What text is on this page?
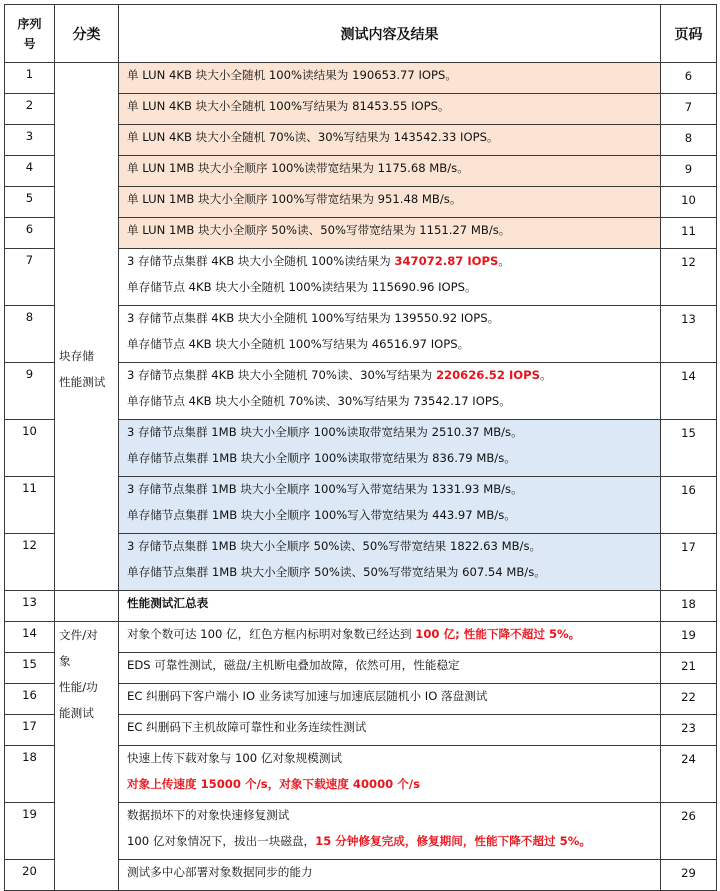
序列
号	分类	测试内容及结果	页码
1	块存储
性能测试	单 LUN 4KB 块大小全随机 100%读结果为 190653.77 IOPS。	6
2		单 LUN 4KB 块大小全随机 100%写结果为 81453.55 IOPS。	7
3		单 LUN 4KB 块大小全随机 70%读、30%写结果为 143542.33 IOPS。	8
4		单 LUN 1MB 块大小全顺序 100%读带宽结果为 1175.68 MB/s。	9
5		单 LUN 1MB 块大小全顺序 100%写带宽结果为 951.48 MB/s。	10
6		单 LUN 1MB 块大小全顺序 50%读、50%写带宽结果为 1151.27 MB/s。	11
7		3 存储节点集群 4KB 块大小全随机 100%读结果为 347072.87 IOPS。
单存储节点 4KB 块大小全随机 100%读结果为 115690.96 IOPS。	12
8		3 存储节点集群 4KB 块大小全随机 100%写结果为 139550.92 IOPS。
单存储节点 4KB 块大小全随机 100%写结果为 46516.97 IOPS。	13
9		3 存储节点集群 4KB 块大小全随机 70%读、30%写结果为 220626.52 IOPS。
单存储节点 4KB 块大小全随机 70%读、30%写结果为 73542.17 IOPS。	14
10		3 存储节点集群 1MB 块大小全顺序 100%读取带宽结果为 2510.37 MB/s。
单存储节点集群 1MB 块大小全顺序 100%读取带宽结果为 836.79 MB/s。	15
11		3 存储节点集群 1MB 块大小全顺序 100%写入带宽结果为 1331.93 MB/s。
单存储节点集群 1MB 块大小全顺序 100%写入带宽结果为 443.97 MB/s。	16
12		3 存储节点集群 1MB 块大小全顺序 50%读、50%写带宽结果 1822.63 MB/s。
单存储节点集群 1MB 块大小全顺序 50%读、50%写带宽结果为 607.54 MB/s。	17
13		性能测试汇总表	18
14	文件/对
象
性能/功
能测试	对象个数可达 100 亿，红色方框内标明对象数已经达到 100 亿; 性能下降不超过 5%。	19
15		EDS 可靠性测试，磁盘/主机断电叠加故障，依然可用，性能稳定	21
16		EC 纠删码下客户端小 IO 业务读写加速与加速底层随机小 IO 落盘测试	22
17		EC 纠删码下主机故障可靠性和业务连续性测试	23
18		快速上传下载对象与 100 亿对象规模测试
对象上传速度 15000 个/s，对象下载速度 40000 个/s	24
19		数据损坏下的对象快速修复测试
100 亿对象情况下，拔出一块磁盘，15 分钟修复完成，修复期间，性能下降不超过 5%。	26
20		测试多中心部署对象数据同步的能力	29
